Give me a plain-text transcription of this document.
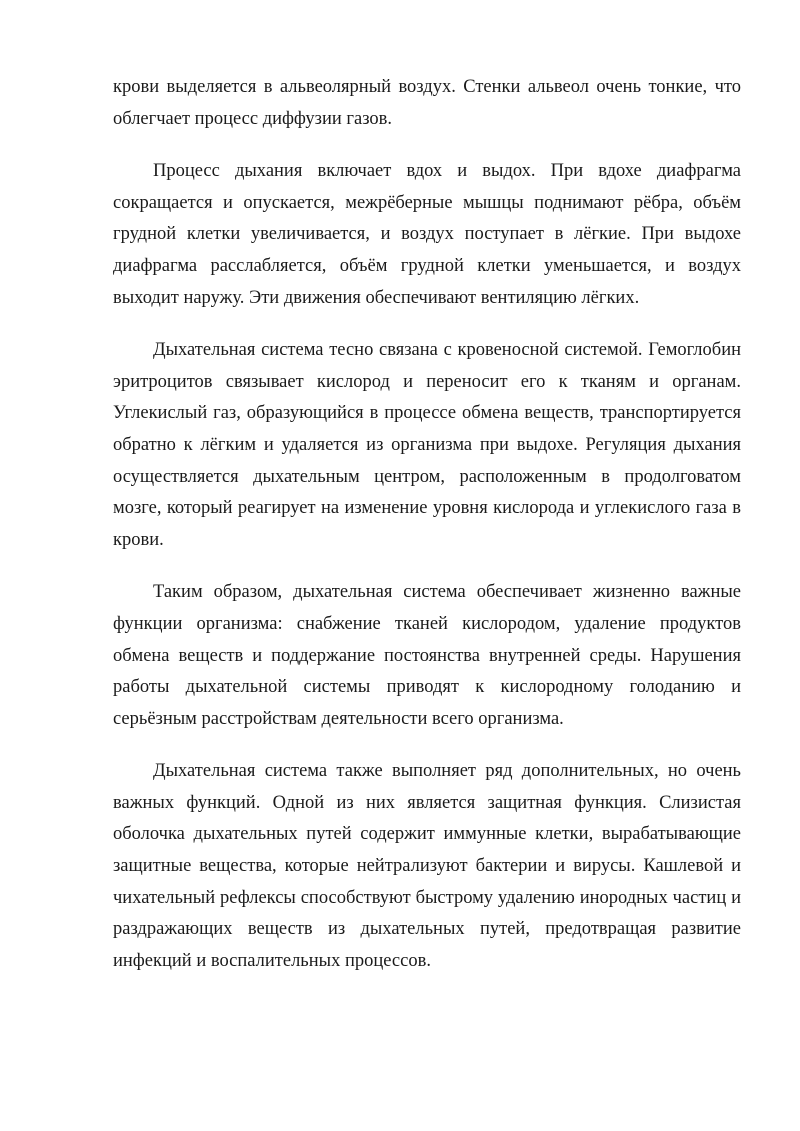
крови выделяется в альвеолярный воздух. Стенки альвеол очень тонкие, что облегчает процесс диффузии газов.

Процесс дыхания включает вдох и выдох. При вдохе диафрагма сокращается и опускается, межрёберные мышцы поднимают рёбра, объём грудной клетки увеличивается, и воздух поступает в лёгкие. При выдохе диафрагма расслабляется, объём грудной клетки уменьшается, и воздух выходит наружу. Эти движения обеспечивают вентиляцию лёгких.

Дыхательная система тесно связана с кровеносной системой. Гемоглобин эритроцитов связывает кислород и переносит его к тканям и органам. Углекислый газ, образующийся в процессе обмена веществ, транспортируется обратно к лёгким и удаляется из организма при выдохе. Регуляция дыхания осуществляется дыхательным центром, расположенным в продолговатом мозге, который реагирует на изменение уровня кислорода и углекислого газа в крови.

Таким образом, дыхательная система обеспечивает жизненно важные функции организма: снабжение тканей кислородом, удаление продуктов обмена веществ и поддержание постоянства внутренней среды. Нарушения работы дыхательной системы приводят к кислородному голоданию и серьёзным расстройствам деятельности всего организма.

Дыхательная система также выполняет ряд дополнительных, но очень важных функций. Одной из них является защитная функция. Слизистая оболочка дыхательных путей содержит иммунные клетки, вырабатывающие защитные вещества, которые нейтрализуют бактерии и вирусы. Кашлевой и чихательный рефлексы способствуют быстрому удалению инородных частиц и раздражающих веществ из дыхательных путей, предотвращая развитие инфекций и воспалительных процессов.
